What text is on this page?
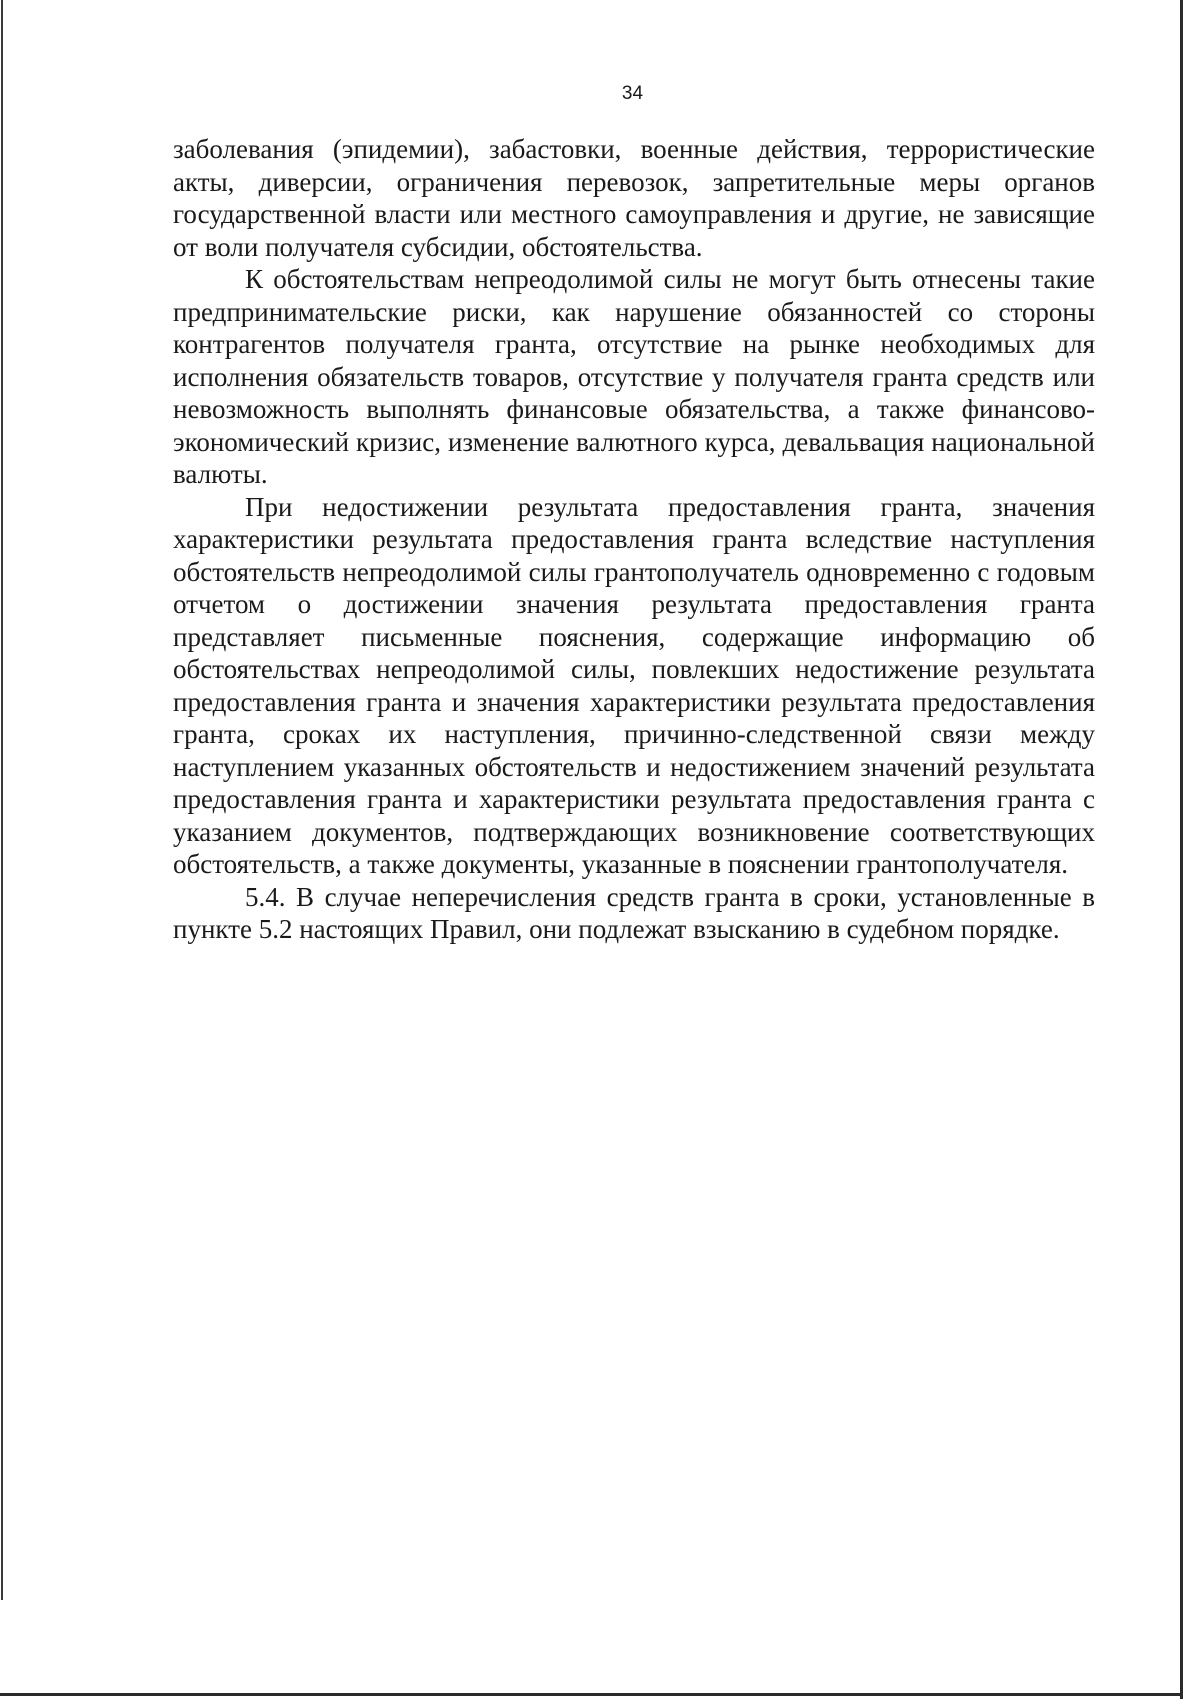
34

заболевания (эпидемии), забастовки, военные действия, террористические акты, диверсии, ограничения перевозок, запретительные меры органов государственной власти или местного самоуправления и другие, не зависящие от воли получателя субсидии, обстоятельства.

К обстоятельствам непреодолимой силы не могут быть отнесены такие предпринимательские риски, как нарушение обязанностей со стороны контрагентов получателя гранта, отсутствие на рынке необходимых для исполнения обязательств товаров, отсутствие у получателя гранта средств или невозможность выполнять финансовые обязательства, а также финансово-экономический кризис, изменение валютного курса, девальвация национальной валюты.

При недостижении результата предоставления гранта, значения характеристики результата предоставления гранта вследствие наступления обстоятельств непреодолимой силы грантополучатель одновременно с годовым отчетом о достижении значения результата предоставления гранта представляет письменные пояснения, содержащие информацию об обстоятельствах непреодолимой силы, повлекших недостижение результата предоставления гранта и значения характеристики результата предоставления гранта, сроках их наступления, причинно-следственной связи между наступлением указанных обстоятельств и недостижением значений результата предоставления гранта и характеристики результата предоставления гранта с указанием документов, подтверждающих возникновение соответствующих обстоятельств, а также документы, указанные в пояснении грантополучателя.

5.4. В случае неперечисления средств гранта в сроки, установленные в пункте 5.2 настоящих Правил, они подлежат взысканию в судебном порядке.
